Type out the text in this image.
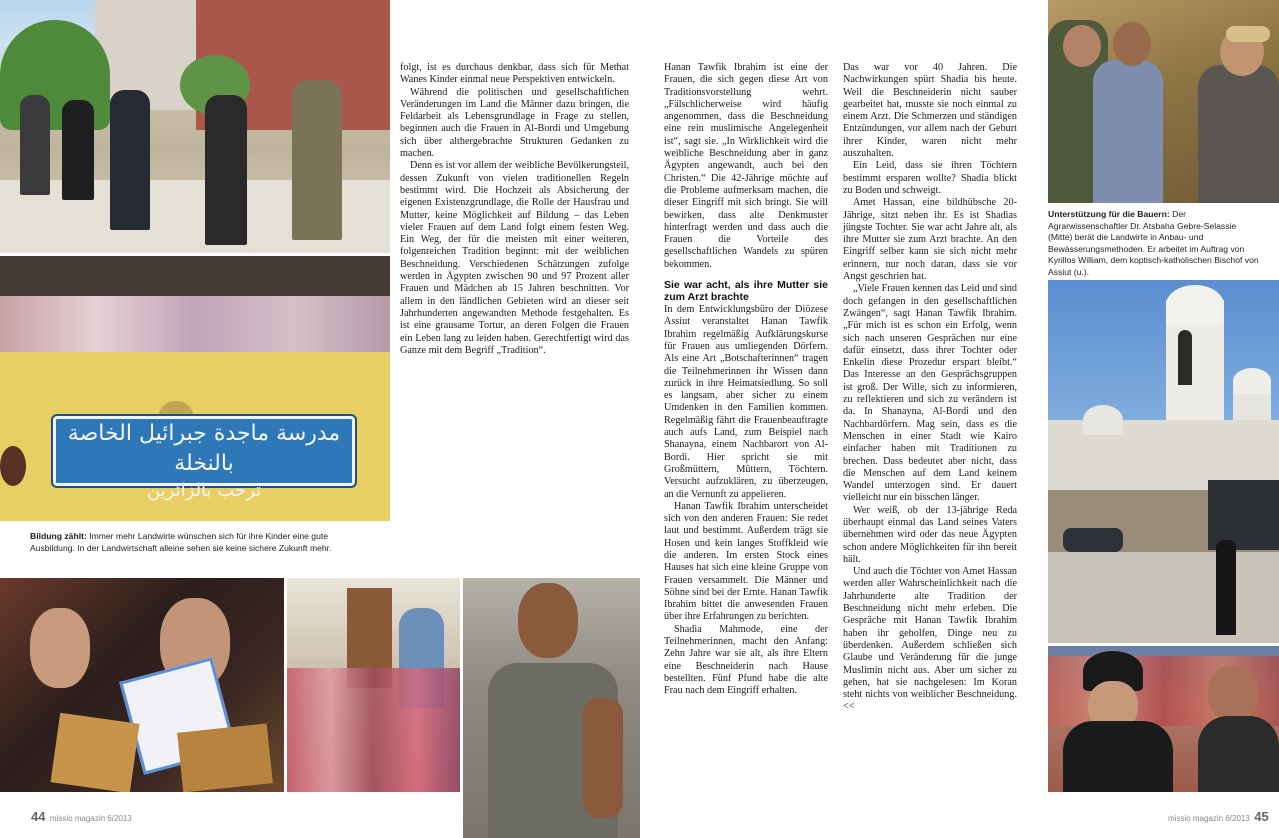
مدرسة ماجدة جبرائيل الخاصة بالنخلة
ترحب بالزائرين
Bildung zählt: Immer mehr Landwirte wünschen sich für ihre Kinder eine gute Ausbildung. In der Landwirtschaft alleine sehen sie keine sichere Zukunft mehr.
44 missio magazin 6/2013

folgt, ist es durchaus denkbar, dass sich für Methat Wanes Kinder einmal neue Perspektiven entwickeln.

Während die politischen und gesellschaftlichen Veränderungen im Land die Männer dazu bringen, die Feldarbeit als Lebensgrundlage in Frage zu stellen, beginnen auch die Frauen in Al-Bordi und Umgebung sich über althergebrachte Strukturen Gedanken zu machen.

Denn es ist vor allem der weibliche Bevölkerungsteil, dessen Zukunft von vielen traditionellen Regeln bestimmt wird. Die Hochzeit als Absicherung der eigenen Existenzgrundlage, die Rolle der Hausfrau und Mutter, keine Möglichkeit auf Bildung – das Leben vieler Frauen auf dem Land folgt einem festen Weg. Ein Weg, der für die meisten mit einer weiteren, folgenreichen Tradition beginnt: mit der weiblichen Beschneidung. Verschiedenen Schätzungen zufolge werden in Ägypten zwischen 90 und 97 Prozent aller Frauen und Mädchen ab 15 Jahren beschnitten. Vor allem in den ländlichen Gebieten wird an dieser seit Jahrhunderten angewandten Methode festgehalten. Es ist eine grausame Tortur, an deren Folgen die Frauen ein Leben lang zu leiden haben. Gerechtfertigt wird das Ganze mit dem Begriff „Tradition“.

Hanan Tawfik Ibrahim ist eine der Frauen, die sich gegen diese Art von Traditionsvorstellung wehrt. „Fälschlicherweise wird häufig angenommen, dass die Beschneidung eine rein muslimische Angelegenheit ist“, sagt sie. „In Wirklichkeit wird die weibliche Beschneidung aber in ganz Ägypten angewandt, auch bei den Christen.“ Die 42-Jährige möchte auf die Probleme aufmerksam machen, die dieser Eingriff mit sich bringt. Sie will bewirken, dass alte Denkmuster hinterfragt werden und dass auch die Frauen die Vorteile des gesellschaftlichen Wandels zu spüren bekommen.

Sie war acht, als ihre Mutter sie zum Arzt brachte

In dem Entwicklungsbüro der Diözese Assiut veranstaltet Hanan Tawfik Ibrahim regelmäßig Aufklärungskurse für Frauen aus umliegenden Dörfern. Als eine Art „Botschafterinnen“ tragen die Teilnehmerinnen ihr Wissen dann zurück in ihre Heimatsiedlung. So soll es langsam, aber sicher zu einem Umdenken in den Familien kommen. Regelmäßig fährt die Frauenbeauftragte auch aufs Land, zum Beispiel nach Shanayna, einem Nachbarort von Al-Bordi. Hier spricht sie mit Großmüttern, Müttern, Töchtern. Versucht aufzuklären, zu überzeugen, an die Vernunft zu appelieren.

Hanan Tawfik Ibrahim unterscheidet sich von den anderen Frauen: Sie redet laut und bestimmt. Außerdem trägt sie Hosen und kein langes Stoffkleid wie die anderen. Im ersten Stock eines Hauses hat sich eine kleine Gruppe von Frauen versammelt. Die Männer und Söhne sind bei der Ernte. Hanan Tawfik Ibrahim bittet die anwesenden Frauen über ihre Erfahrungen zu berichten.

Shadia Mahmode, eine der Teilnehmerinnen, macht den Anfang: Zehn Jahre war sie alt, als ihre Eltern eine Beschneiderin nach Hause bestellten. Fünf Pfund habe die alte Frau nach dem Eingriff erhalten.

Das war vor 40 Jahren. Die Nachwirkungen spürt Shadia bis heute. Weil die Beschneiderin nicht sauber gearbeitet hat, musste sie noch einmal zu einem Arzt. Die Schmerzen und ständigen Entzündungen, vor allem nach der Geburt ihrer Kinder, waren nicht mehr auszuhalten.

Ein Leid, dass sie ihren Töchtern bestimmt ersparen wollte? Shadia blickt zu Boden und schweigt.

Amet Hassan, eine bildhübsche 20-Jährige, sitzt neben ihr. Es ist Shadias jüngste Tochter. Sie war acht Jahre alt, als ihre Mutter sie zum Arzt brachte. An den Eingriff selber kann sie sich nicht mehr erinnern, nur noch daran, dass sie vor Angst geschrien hat.

„Viele Frauen kennen das Leid und sind doch gefangen in den gesellschaftlichen Zwängen“, sagt Hanan Tawfik Ibrahim. „Für mich ist es schon ein Erfolg, wenn sich nach unseren Gesprächen nur eine dafür einsetzt, dass ihrer Tochter oder Enkelin diese Prozedur erspart bleibt.“ Das Interesse an den Gesprächsgruppen ist groß. Der Wille, sich zu informieren, zu reflektieren und sich zu verändern ist da. In Shanayna, Al-Bordi und den Nachbardörfern. Mag sein, dass es die Menschen in einer Stadt wie Kairo einfacher haben mit Traditionen zu brechen. Dass bedeutet aber nicht, dass die Menschen auf dem Land keinem Wandel unterzogen sind. Er dauert vielleicht nur ein bisschen länger.

Wer weiß, ob der 13-jährige Reda überhaupt einmal das Land seines Vaters übernehmen wird oder das neue Ägypten schon andere Möglichkeiten für ihn bereit hält.

Und auch die Töchter von Amet Hassan werden aller Wahrscheinlichkeit nach die Jahrhunderte alte Tradition der Beschneidung nicht mehr erleben. Die Gespräche mit Hanan Tawfik Ibrahim haben ihr geholfen, Dinge neu zu überdenken. Außerdem schließen sich Glaube und Veränderung für die junge Muslimin nicht aus. Aber um sicher zu gehen, hat sie nachgelesen: Im Koran steht nichts von weiblicher Beschneidung. <<

Unterstützung für die Bauern: Der Agrarwissenschaftler Dr. Atsbaha Gebre-Selassie (Mitte) berät die Landwirte in Anbau- und Bewässerungsmethoden. Er arbeitet im Auftrag von Kyrillos William, dem koptisch-katholischen Bischof von Assiut (u.).
missio magazin 6/2013 45
